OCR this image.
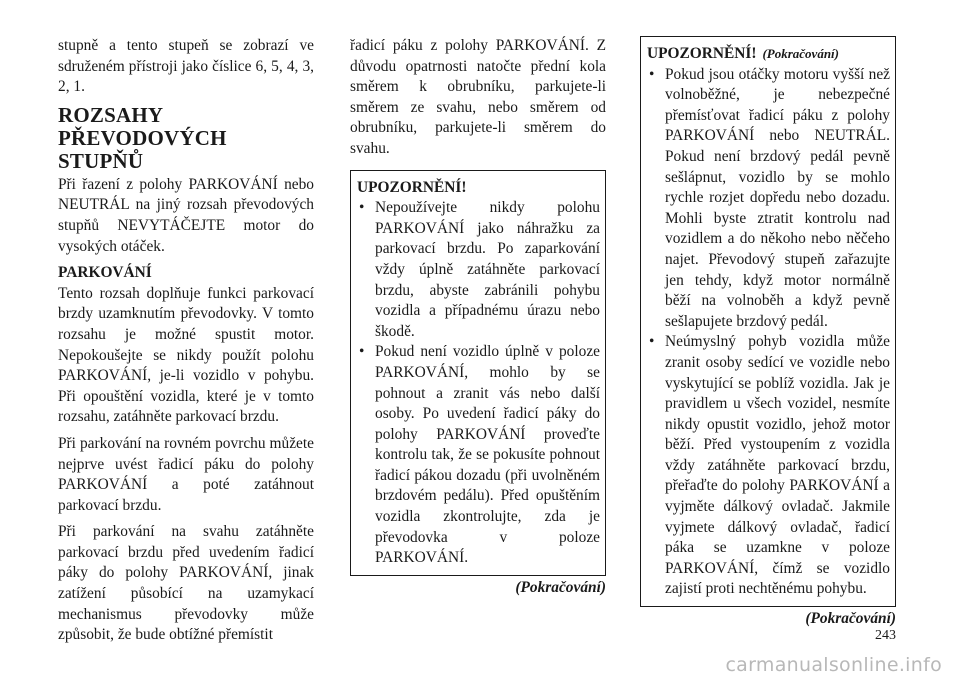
stupně a tento stupeň se zobrazí ve sdruženém přístroji jako číslice 6, 5, 4, 3, 2, 1.

ROZSAHY PŘEVODOVÝCH STUPŇŮ

Při řazení z polohy PARKOVÁNÍ nebo NEUTRÁL na jiný rozsah převodových stupňů NEVYTÁČEJTE motor do vysokých otáček.

PARKOVÁNÍ

Tento rozsah doplňuje funkci parkovací brzdy uzamknutím převodovky. V tomto rozsahu je možné spustit motor. Nepokoušejte se nikdy použít polohu PARKOVÁNÍ, je-li vozidlo v pohybu. Při opouštění vozidla, které je v tomto rozsahu, zatáhněte parkovací brzdu.

Při parkování na rovném povrchu můžete nejprve uvést řadicí páku do polohy PARKOVÁNÍ a poté zatáhnout parkovací brzdu.

Při parkování na svahu zatáhněte parkovací brzdu před uvedením řadicí páky do polohy PARKOVÁNÍ, jinak zatížení působící na uzamykací mechanismus převodovky může způsobit, že bude obtížné přemístit

řadicí páku z polohy PARKOVÁNÍ. Z důvodu opatrnosti natočte přední kola směrem k obrubníku, parkujete-li směrem ze svahu, nebo směrem od obrubníku, parkujete-li směrem do svahu.

UPOZORNĚNÍ!
• Nepoužívejte nikdy polohu PARKOVÁNÍ jako náhražku za parkovací brzdu. Po zaparkování vždy úplně zatáhněte parkovací brzdu, abyste zabránili pohybu vozidla a případnému úrazu nebo škodě.
• Pokud není vozidlo úplně v poloze PARKOVÁNÍ, mohlo by se pohnout a zranit vás nebo další osoby. Po uvedení řadicí páky do polohy PARKOVÁNÍ proveďte kontrolu tak, že se pokusíte pohnout řadicí pákou dozadu (při uvolněném brzdovém pedálu). Před opuštěním vozidla zkontrolujte, zda je převodovka v poloze PARKOVÁNÍ.
(Pokračování)
UPOZORNĚNÍ! (Pokračování)
• Pokud jsou otáčky motoru vyšší než volnoběžné, je nebezpečné přemísťovat řadicí páku z polohy PARKOVÁNÍ nebo NEUTRÁL. Pokud není brzdový pedál pevně sešlápnut, vozidlo by se mohlo rychle rozjet dopředu nebo dozadu. Mohli byste ztratit kontrolu nad vozidlem a do někoho nebo něčeho najet. Převodový stupeň zařazujte jen tehdy, když motor normálně běží na volnoběh a když pevně sešlapujete brzdový pedál.
• Neúmyslný pohyb vozidla může zranit osoby sedící ve vozidle nebo vyskytující se poblíž vozidla. Jak je pravidlem u všech vozidel, nesmíte nikdy opustit vozidlo, jehož motor běží. Před vystoupením z vozidla vždy zatáhněte parkovací brzdu, přeřaďte do polohy PARKOVÁNÍ a vyjměte dálkový ovladač. Jakmile vyjmete dálkový ovladač, řadicí páka se uzamkne v poloze PARKOVÁNÍ, čímž se vozidlo zajistí proti nechtěnému pohybu.
(Pokračování)
243
carmanualsonline.info
